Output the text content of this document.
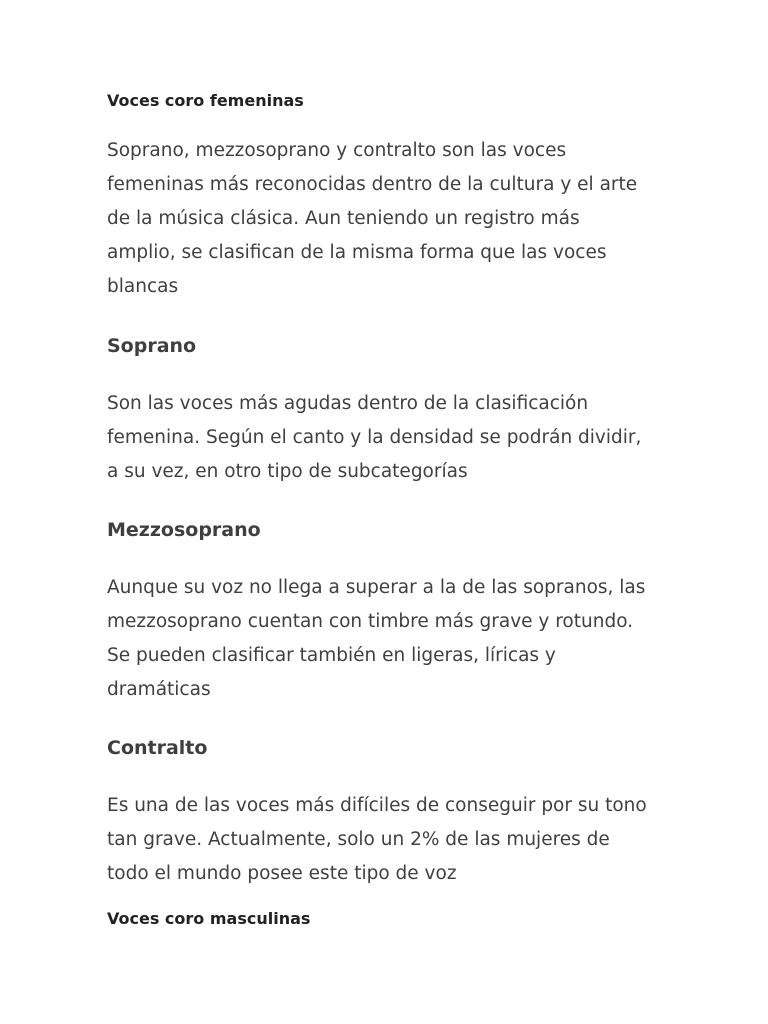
Voces coro femeninas

Soprano, mezzosoprano y contralto son las voces
femeninas más reconocidas dentro de la cultura y el arte
de la música clásica. Aun teniendo un registro más
amplio, se clasifican de la misma forma que las voces
blancas

Soprano

Son las voces más agudas dentro de la clasificación
femenina. Según el canto y la densidad se podrán dividir,
a su vez, en otro tipo de subcategorías

Mezzosoprano

Aunque su voz no llega a superar a la de las sopranos, las
mezzosoprano cuentan con timbre más grave y rotundo.
Se pueden clasificar también en ligeras, líricas y
dramáticas

Contralto

Es una de las voces más difíciles de conseguir por su tono
tan grave. Actualmente, solo un 2% de las mujeres de
todo el mundo posee este tipo de voz

Voces coro masculinas
